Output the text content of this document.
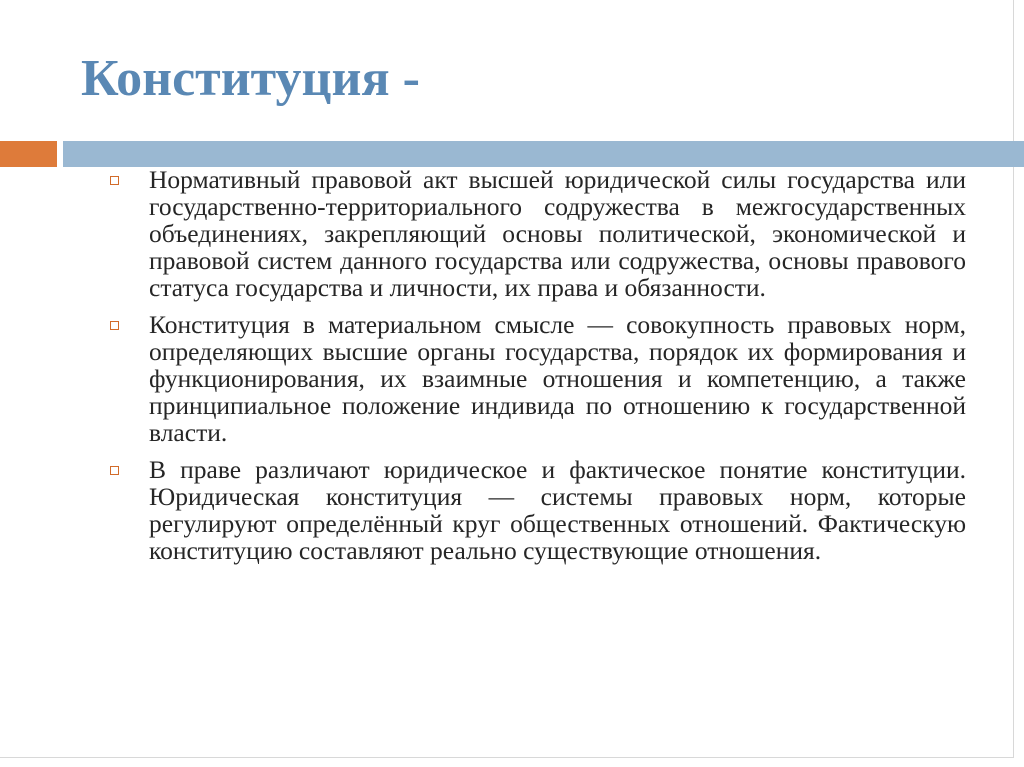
Конституция -
Нормативный правовой акт высшей юридической силы государства или государственно-территориального содружества в межгосударственных объединениях, закрепляющий основы политической, экономической и правовой систем данного государства или содружества, основы правового статуса государства и личности, их права и обязанности.
Конституция в материальном смысле — совокупность правовых норм, определяющих высшие органы государства, порядок их формирования и функционирования, их взаимные отношения и компетенцию, а также принципиальное положение индивида по отношению к государственной власти.
В праве различают юридическое и фактическое понятие конституции. Юридическая конституция — системы правовых норм, которые регулируют определённый круг общественных отношений. Фактическую конституцию составляют реально существующие отношения.
